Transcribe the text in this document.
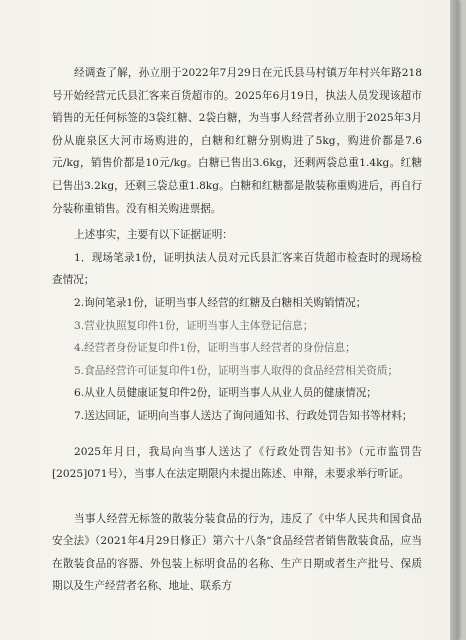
经调查了解，孙立朋于2022年7月29日在元氏县马村镇万年村兴年路218号开始经营元氏县汇客来百货超市的。2025年6月19日，执法人员发现该超市销售的无任何标签的3袋红糖、2袋白糖，为当事人经营者孙立朋于2025年3月份从鹿泉区大河市场购进的，白糖和红糖分别购进了5kg，购进价都是7.6元/kg，销售价都是10元/kg。白糖已售出3.6kg，还剩两袋总重1.4kg。红糖已售出3.2kg，还剩三袋总重1.8kg。白糖和红糖都是散装称重购进后，再自行分装称重销售。没有相关购进票据。

上述事实，主要有以下证据证明：

1．现场笔录1份，证明执法人员对元氏县汇客来百货超市检查时的现场检查情况；

2.询问笔录1份，证明当事人经营的红糖及白糖相关购销情况；

3.营业执照复印件1份，证明当事人主体登记信息；

4.经营者身份证复印件1份，证明当事人经营者的身份信息；

5.食品经营许可证复印件1份，证明当事人取得的食品经营相关资质；

6.从业人员健康证复印件2份，证明当事人从业人员的健康情况；

7.送达回证，证明向当事人送达了询问通知书、行政处罚告知书等材料；

2025年月日，我局向当事人送达了《行政处罚告知书》（元市监罚告[2025]071号），当事人在法定期限内未提出陈述、申辩，未要求举行听证。

当事人经营无标签的散装分装食品的行为，违反了《中华人民共和国食品安全法》（2021年4月29日修正）第六十八条“食品经营者销售散装食品，应当在散装食品的容器、外包装上标明食品的名称、生产日期或者生产批号、保质期以及生产经营者名称、地址、联系方
